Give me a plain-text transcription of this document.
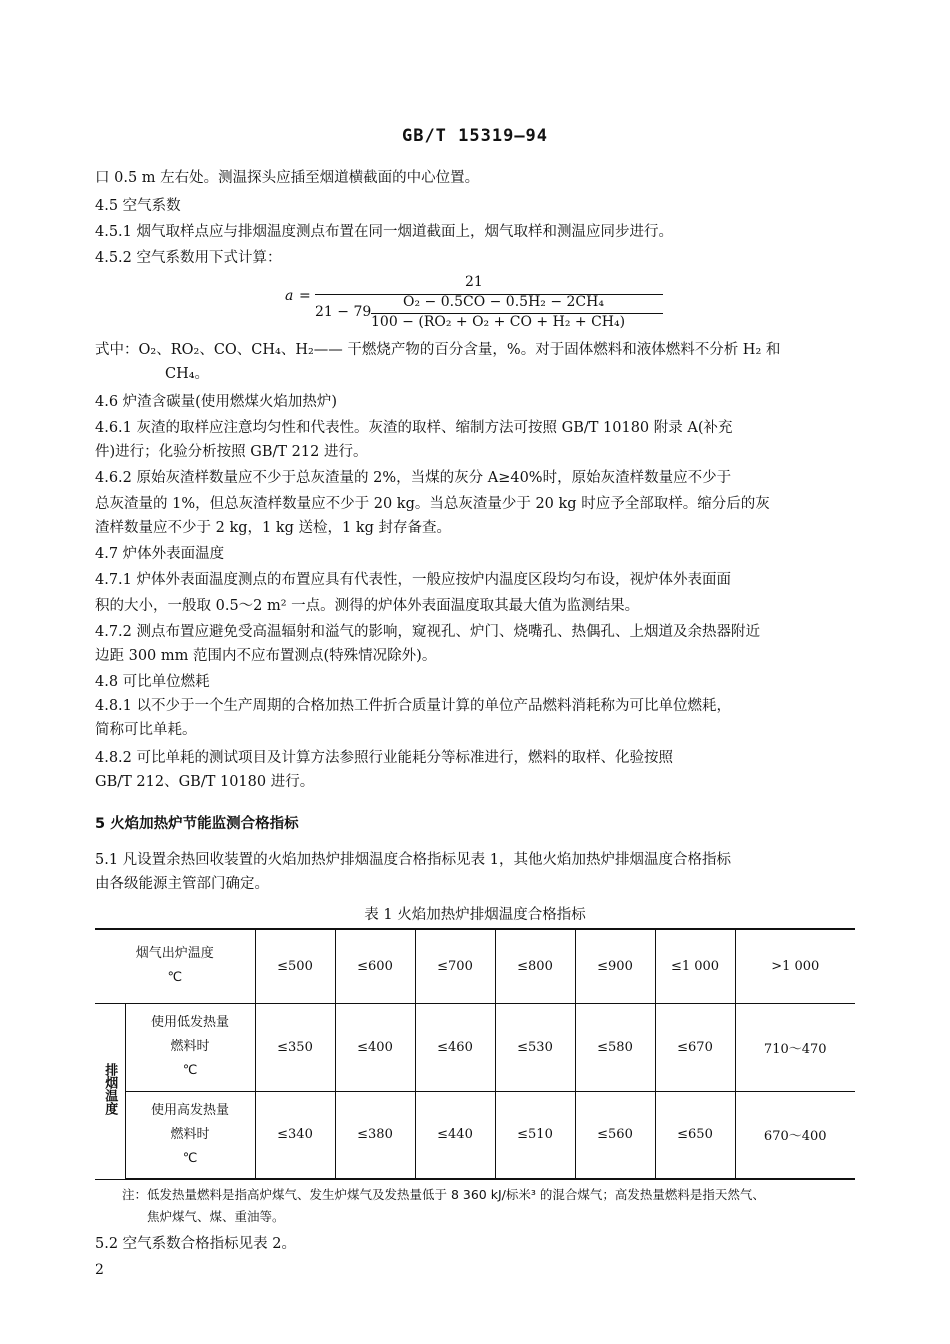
GB/T 15319—94
口 0.5 m 左右处。测温探头应插至烟道横截面的中心位置。
4.5 空气系数
4.5.1 烟气取样点应与排烟温度测点布置在同一烟道截面上，烟气取样和测温应同步进行。
4.5.2 空气系数用下式计算：
a =
21
21 − 79
O₂ − 0.5CO − 0.5H₂ − 2CH₄
100 − (RO₂ + O₂ + CO + H₂ + CH₄)
式中：O₂、RO₂、CO、CH₄、H₂—— 干燃烧产物的百分含量，%。对于固体燃料和液体燃料不分析 H₂ 和
CH₄。
4.6 炉渣含碳量(使用燃煤火焰加热炉)
4.6.1 灰渣的取样应注意均匀性和代表性。灰渣的取样、缩制方法可按照 GB/T 10180 附录 A(补充
件)进行；化验分析按照 GB/T 212 进行。
4.6.2 原始灰渣样数量应不少于总灰渣量的 2%，当煤的灰分 A≥40%时，原始灰渣样数量应不少于
总灰渣量的 1%，但总灰渣样数量应不少于 20 kg。当总灰渣量少于 20 kg 时应予全部取样。缩分后的灰
渣样数量应不少于 2 kg，1 kg 送检，1 kg 封存备查。
4.7 炉体外表面温度
4.7.1 炉体外表面温度测点的布置应具有代表性，一般应按炉内温度区段均匀布设，视炉体外表面面
积的大小，一般取 0.5～2 m² 一点。测得的炉体外表面温度取其最大值为监测结果。
4.7.2 测点布置应避免受高温辐射和溢气的影响，窥视孔、炉门、烧嘴孔、热偶孔、上烟道及余热器附近
边距 300 mm 范围内不应布置测点(特殊情况除外)。
4.8 可比单位燃耗
4.8.1 以不少于一个生产周期的合格加热工件折合质量计算的单位产品燃料消耗称为可比单位燃耗，
简称可比单耗。
4.8.2 可比单耗的测试项目及计算方法参照行业能耗分等标准进行，燃料的取样、化验按照
GB/T 212、GB/T 10180 进行。
5 火焰加热炉节能监测合格指标
5.1 凡设置余热回收装置的火焰加热炉排烟温度合格指标见表 1，其他火焰加热炉排烟温度合格指标
由各级能源主管部门确定。
表 1 火焰加热炉排烟温度合格指标
烟气出炉温度
℃		≤500	≤600	≤700	≤800	≤900	≤1 000	>1 000
排烟温度	使用低发热量
燃料时
℃	≤350	≤400	≤460	≤530	≤580	≤670	710～470

	使用高发热量
燃料时
℃	≤340	≤380	≤440	≤510	≤560	≤650	670～400
注：低发热量燃料是指高炉煤气、发生炉煤气及发热量低于 8 360 kJ/标米³ 的混合煤气；高发热量燃料是指天然气、
焦炉煤气、煤、重油等。
5.2 空气系数合格指标见表 2。
2
